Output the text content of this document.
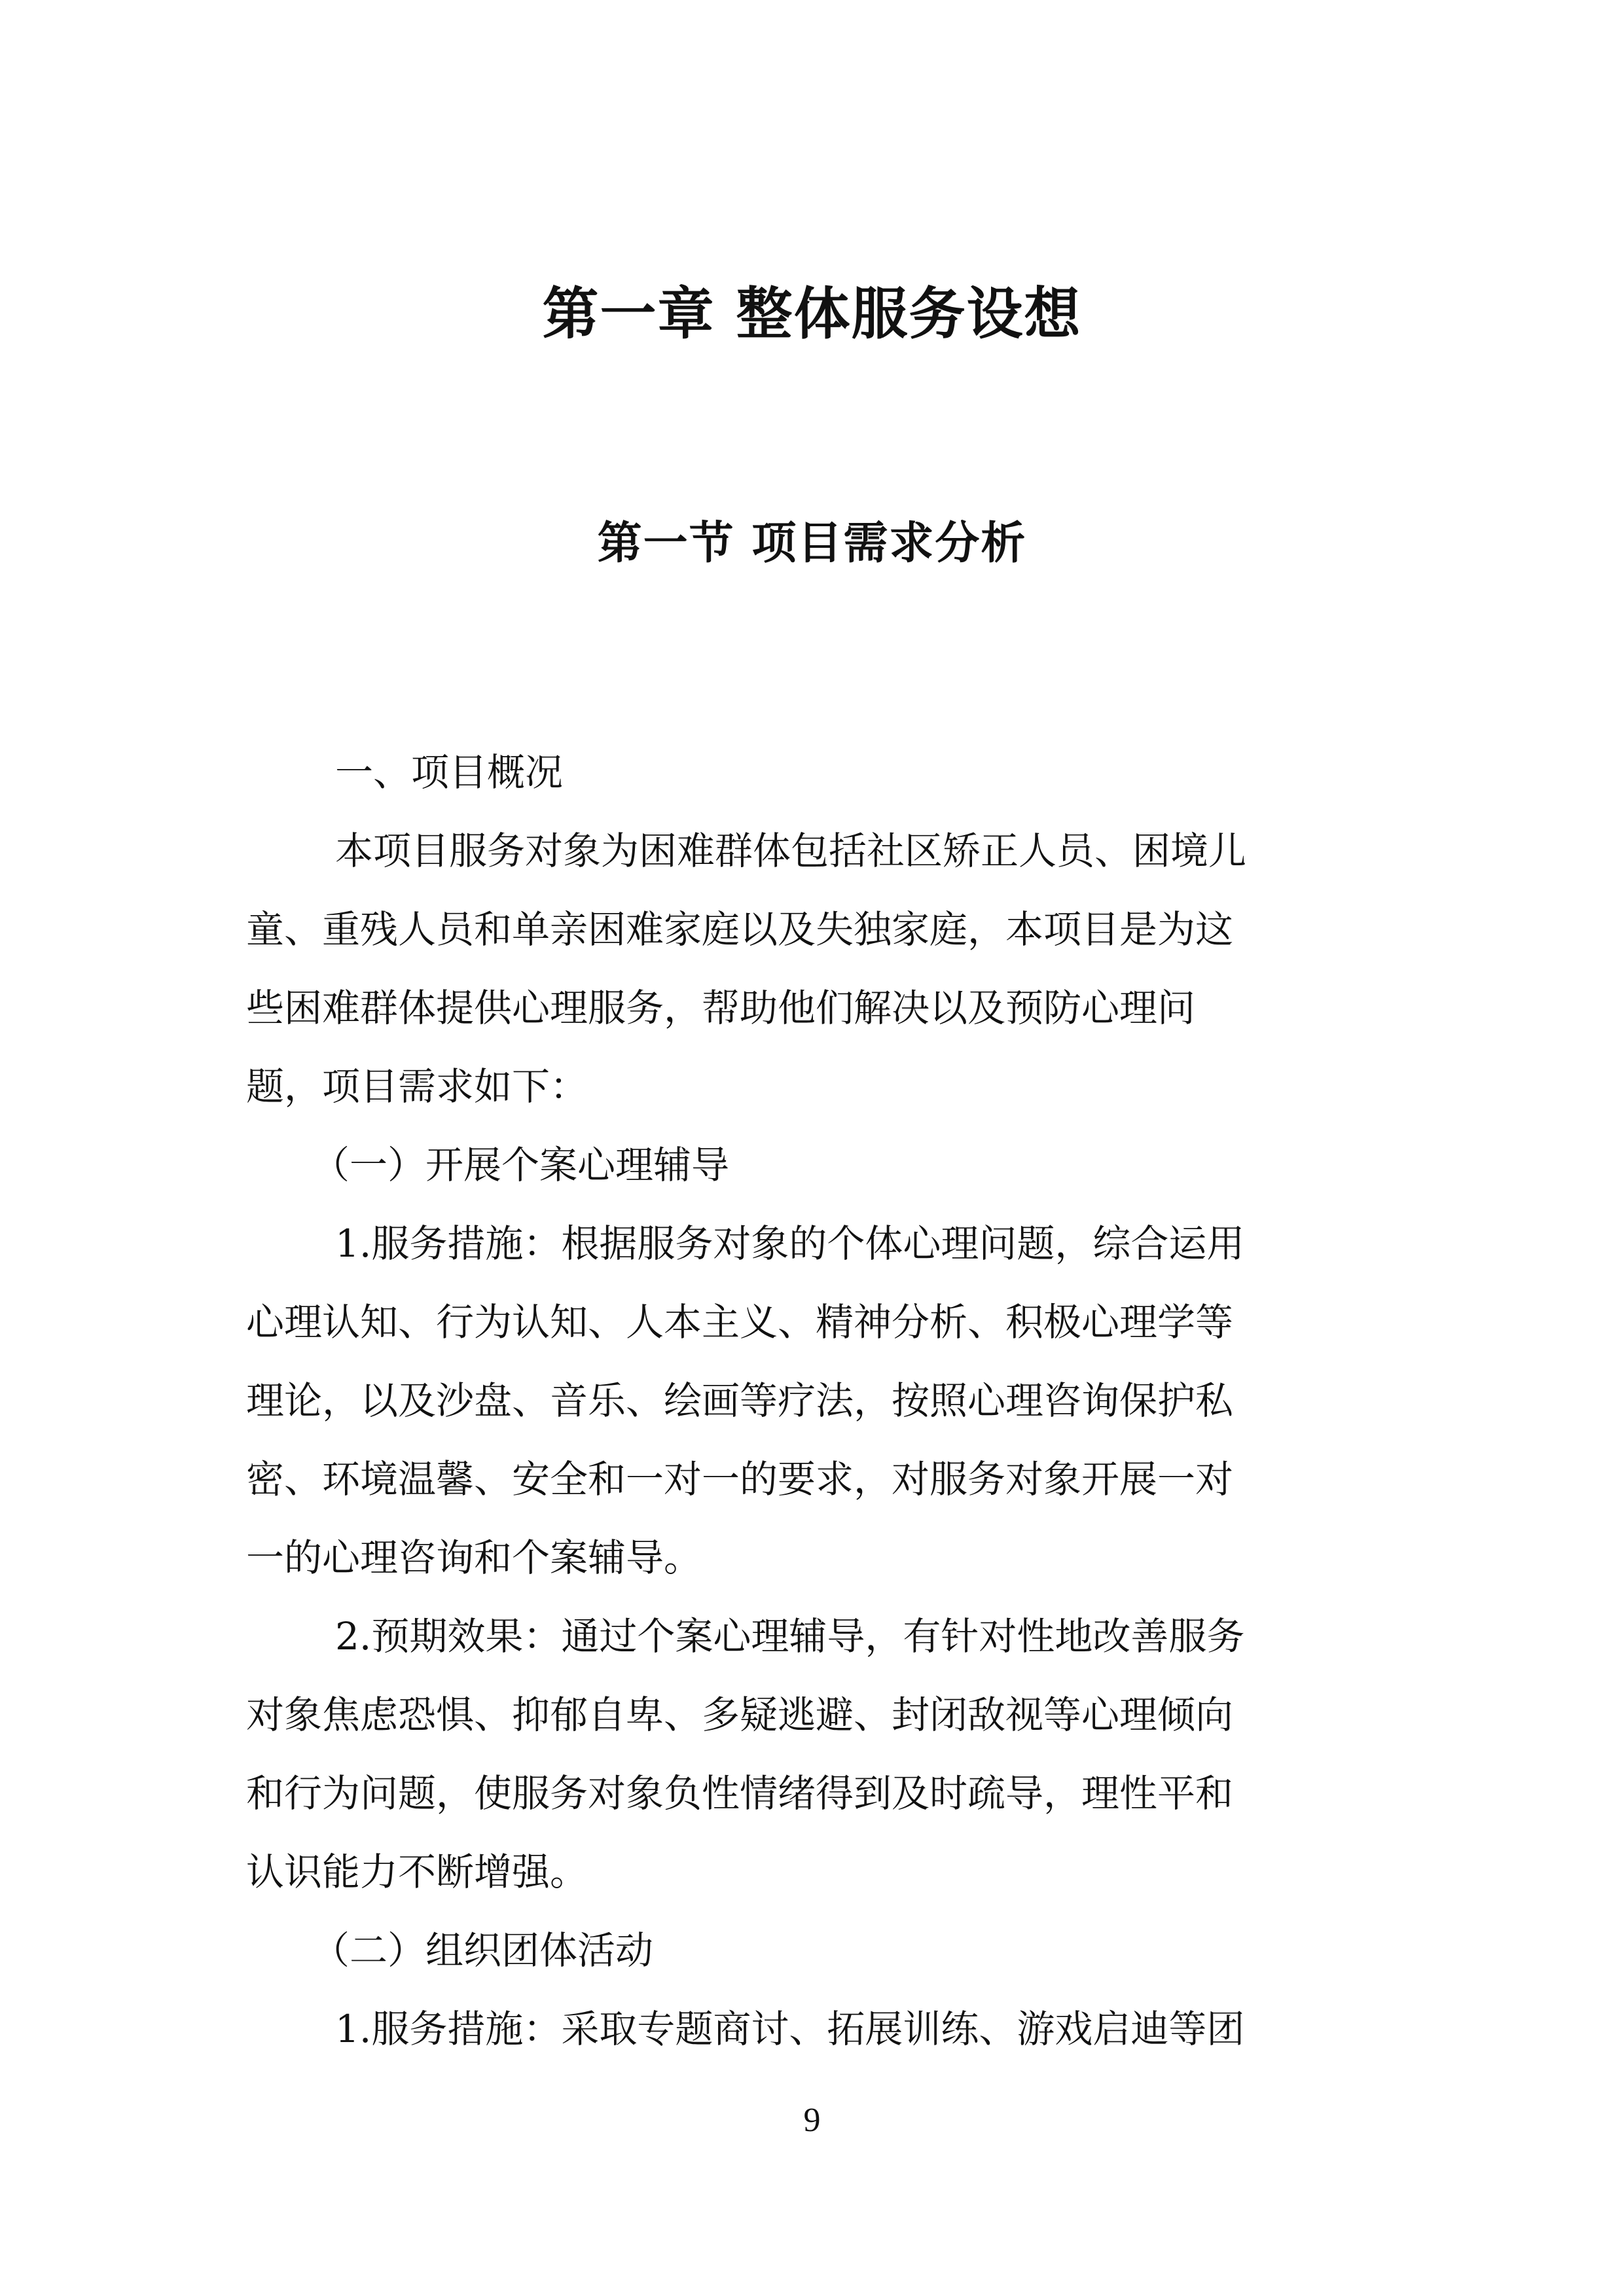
第一章 整体服务设想
第一节 项目需求分析
一、项目概况
本项目服务对象为困难群体包括社区矫正人员、困境儿
童、重残人员和单亲困难家庭以及失独家庭，本项目是为这
些困难群体提供心理服务，帮助他们解决以及预防心理问
题，项目需求如下：
（一）开展个案心理辅导
1.服务措施：根据服务对象的个体心理问题，综合运用
心理认知、行为认知、人本主义、精神分析、积极心理学等
理论，以及沙盘、音乐、绘画等疗法，按照心理咨询保护私
密、环境温馨、安全和一对一的要求，对服务对象开展一对
一的心理咨询和个案辅导。
2.预期效果：通过个案心理辅导，有针对性地改善服务
对象焦虑恐惧、抑郁自卑、多疑逃避、封闭敌视等心理倾向
和行为问题，使服务对象负性情绪得到及时疏导，理性平和
认识能力不断增强。
（二）组织团体活动
1.服务措施：采取专题商讨、拓展训练、游戏启迪等团
9
